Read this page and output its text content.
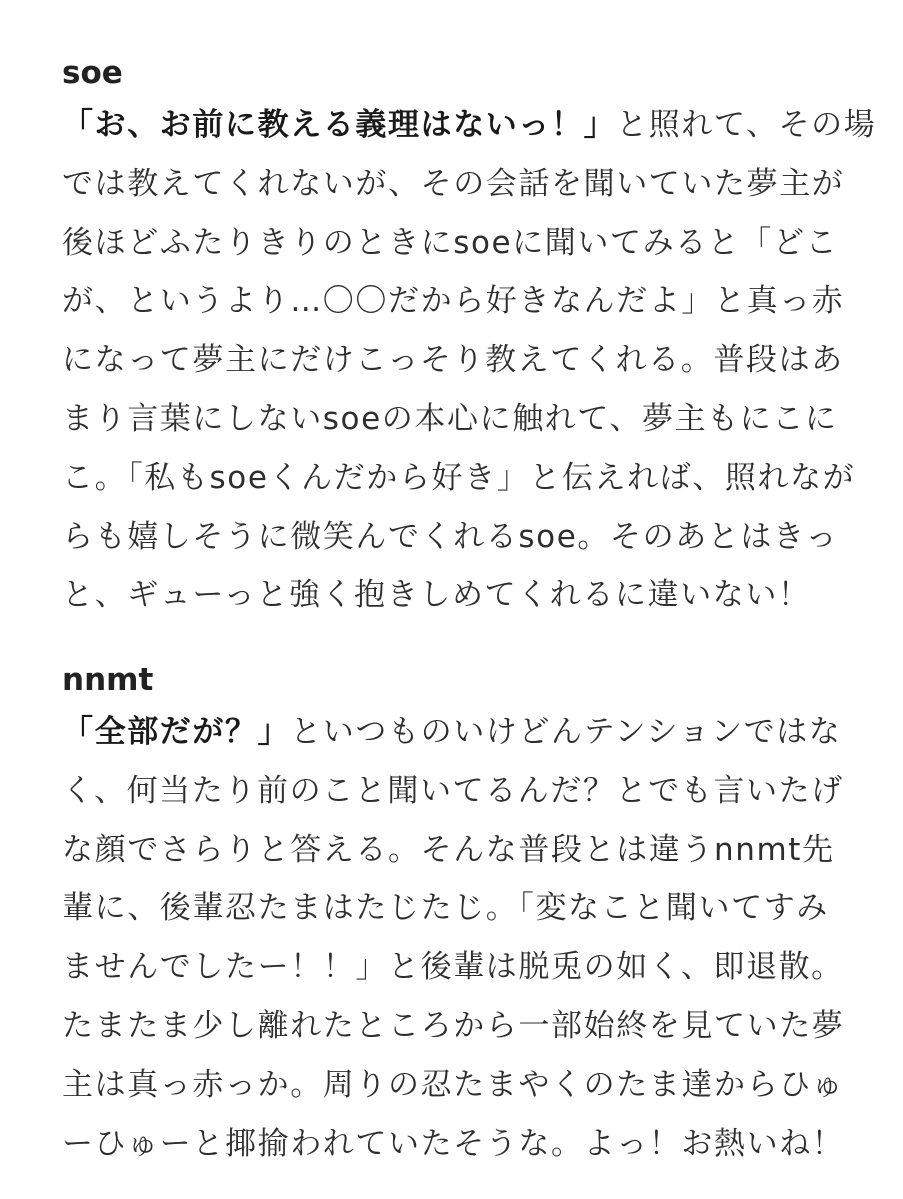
soe
「お、お前に教える義理はないっ！」と照れて、その場
では教えてくれないが、その会話を聞いていた夢主が
後ほどふたりきりのときにsoeに聞いてみると「どこ
が、というより…〇〇だから好きなんだよ」と真っ赤
になって夢主にだけこっそり教えてくれる。普段はあ
まり言葉にしないsoeの本心に触れて、夢主もにこに
こ。「私もsoeくんだから好き」と伝えれば、照れなが
らも嬉しそうに微笑んでくれるsoe。そのあとはきっ
と、ギューっと強く抱きしめてくれるに違いない！
nnmt
「全部だが？」といつものいけどんテンションではな
く、何当たり前のこと聞いてるんだ？とでも言いたげ
な顔でさらりと答える。そんな普段とは違うnnmt先
輩に、後輩忍たまはたじたじ。「変なこと聞いてすみ
ませんでしたー！！」と後輩は脱兎の如く、即退散。
たまたま少し離れたところから一部始終を見ていた夢
主は真っ赤っか。周りの忍たまやくのたま達からひゅ
ーひゅーと揶揄われていたそうな。よっ！お熱いね！
